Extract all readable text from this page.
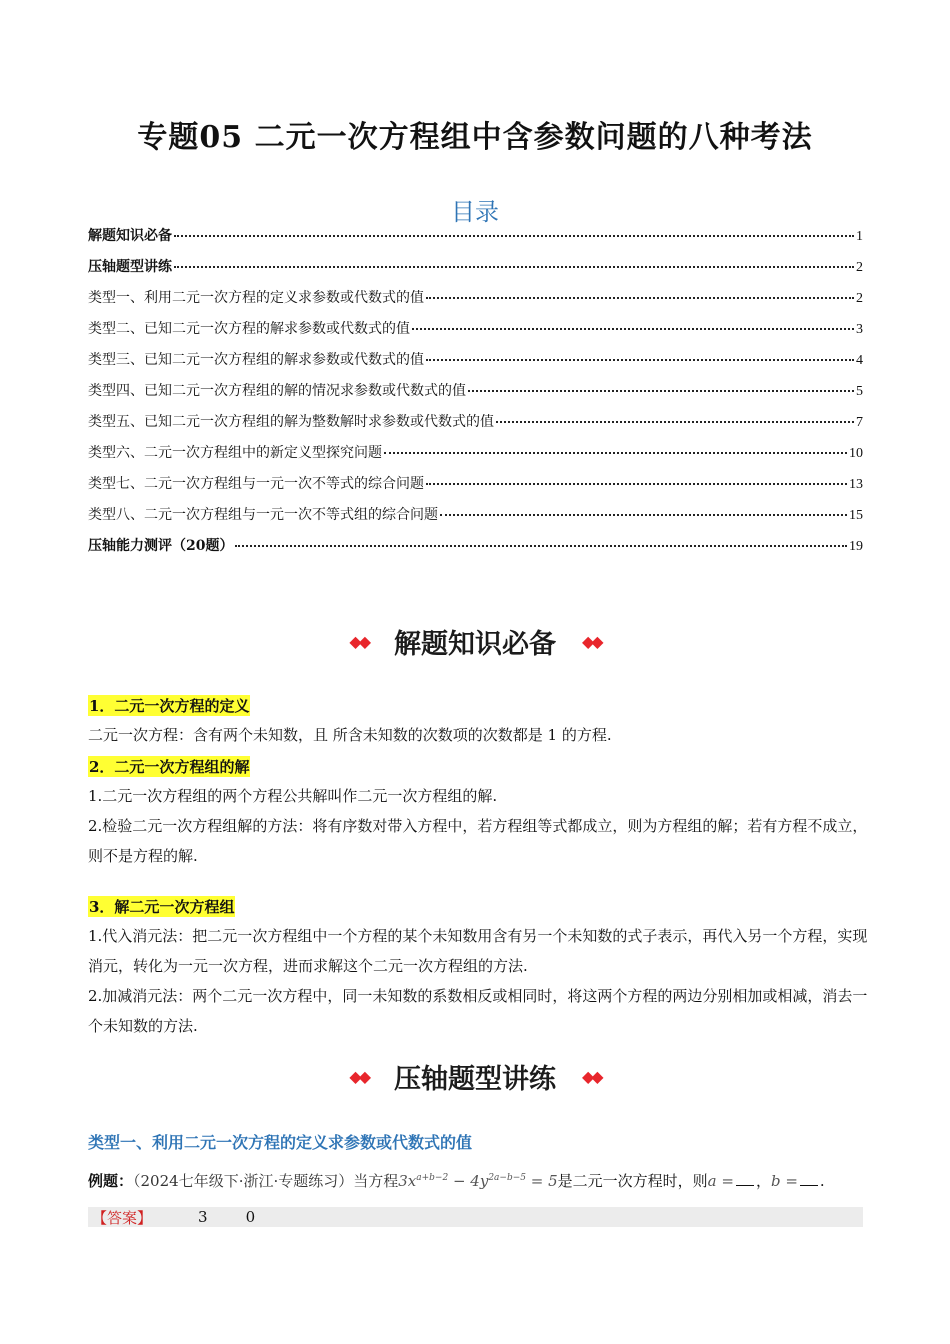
专题05 二元一次方程组中含参数问题的八种考法
目录
解题知识必备	1
压轴题型讲练	2
类型一、利用二元一次方程的定义求参数或代数式的值	2
类型二、已知二元一次方程的解求参数或代数式的值	3
类型三、已知二元一次方程组的解求参数或代数式的值	4
类型四、已知二元一次方程组的解的情况求参数或代数式的值	5
类型五、已知二元一次方程组的解为整数解时求参数或代数式的值	7
类型六、二元一次方程组中的新定义型探究问题	10
类型七、二元一次方程组与一元一次不等式的综合问题	13
类型八、二元一次方程组与一元一次不等式组的综合问题	15
压轴能力测评（20题）	19
◆◆ 解题知识必备	◆◆
1．二元一次方程的定义
二元一次方程：含有两个未知数，且 所含未知数的次数项的次数都是 1 的方程.
2．二元一次方程组的解
1.二元一次方程组的两个方程公共解叫作二元一次方程组的解.
2.检验二元一次方程组解的方法：将有序数对带入方程中，若方程组等式都成立，则为方程组的解；若有方程不成立，则不是方程的解.
3．解二元一次方程组
1.代入消元法：把二元一次方程组中一个方程的某个未知数用含有另一个未知数的式子表示，再代入另一个方程，实现消元，转化为一元一次方程，进而求解这个二元一次方程组的方法.
2.加减消元法：两个二元一次方程中，同一未知数的系数相反或相同时，将这两个方程的两边分别相加或相减，消去一个未知数的方法.
◆◆ 压轴题型讲练	◆◆
类型一、利用二元一次方程的定义求参数或代数式的值
例题：（2024七年级下·浙江·专题练习）当方程$3x^{a+b-2} - 4y^{2a-b-5} = 5$是二元一次方程时，则a = ，b = .
【答案】	3	0
